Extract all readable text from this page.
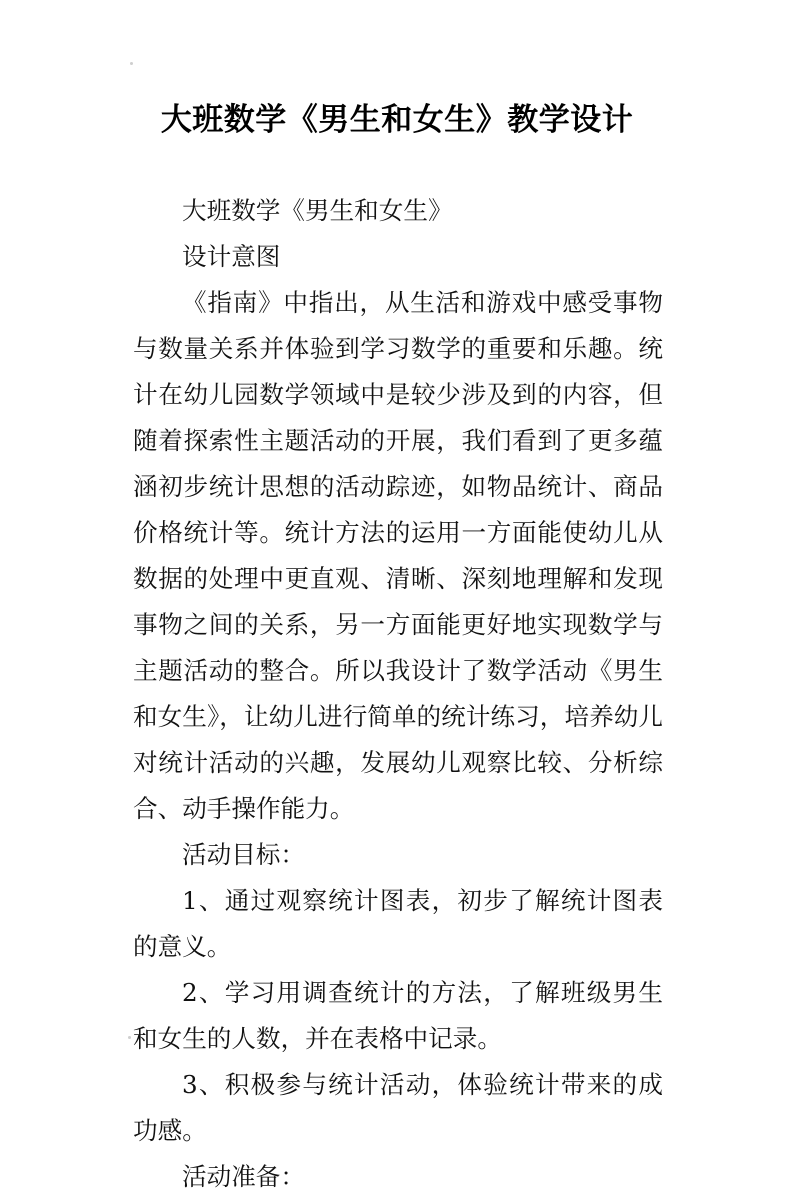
大班数学《男生和女生》教学设计

大班数学《男生和女生》

设计意图

《指南》中指出，从生活和游戏中感受事物与数量关系并体验到学习数学的重要和乐趣。统计在幼儿园数学领域中是较少涉及到的内容，但随着探索性主题活动的开展，我们看到了更多蕴涵初步统计思想的活动踪迹，如物品统计、商品价格统计等。统计方法的运用一方面能使幼儿从数据的处理中更直观、清晰、深刻地理解和发现事物之间的关系，另一方面能更好地实现数学与主题活动的整合。所以我设计了数学活动《男生和女生》，让幼儿进行简单的统计练习，培养幼儿对统计活动的兴趣，发展幼儿观察比较、分析综合、动手操作能力。

活动目标：

1、通过观察统计图表，初步了解统计图表的意义。

2、学习用调查统计的方法，了解班级男生和女生的人数，并在表格中记录。

3、积极参与统计活动，体验统计带来的成功感。

活动准备：
